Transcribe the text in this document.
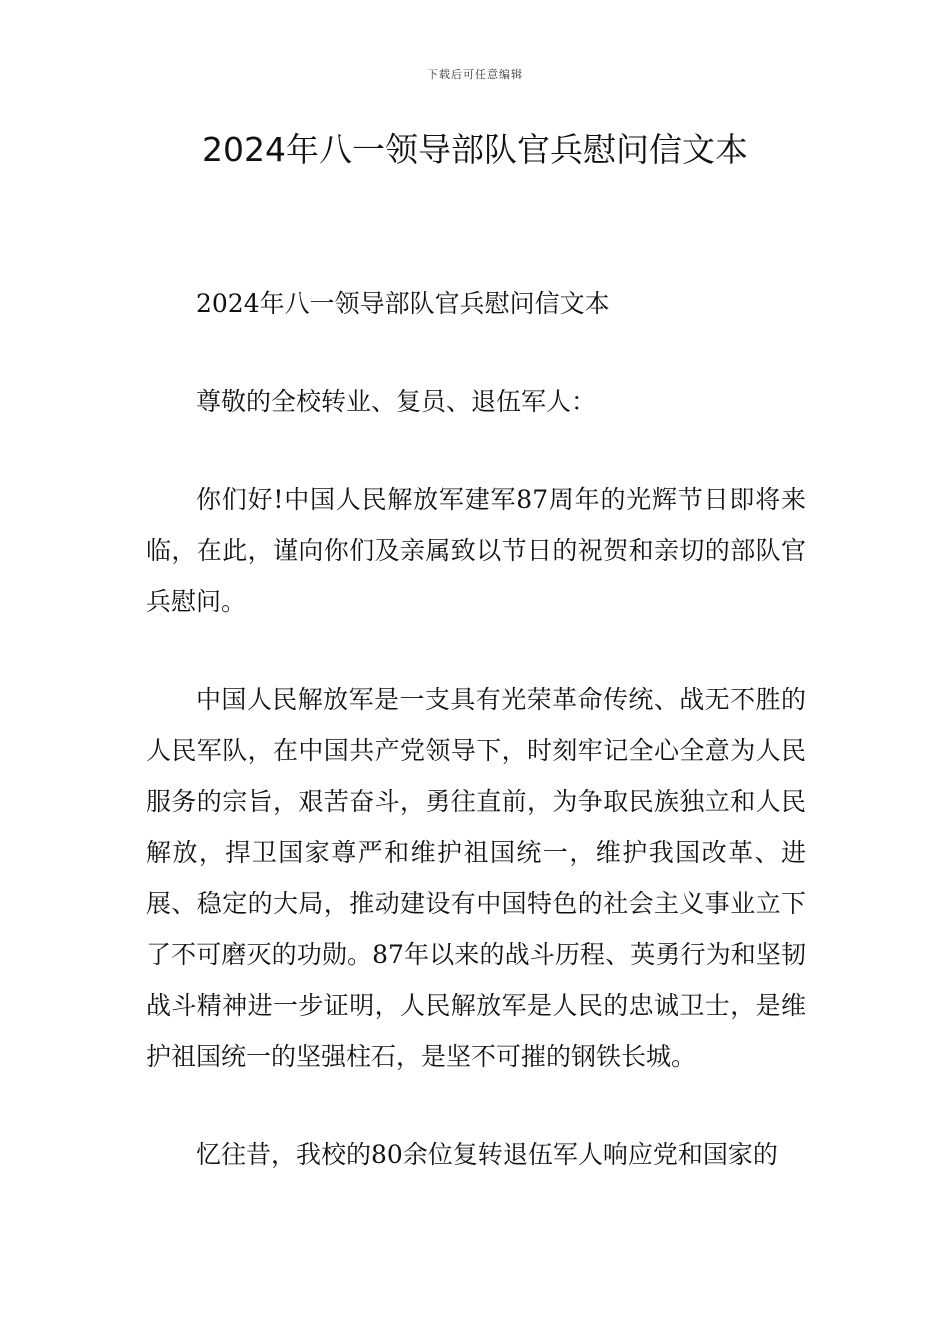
下载后可任意编辑
2024年八一领导部队官兵慰问信文本

2024年八一领导部队官兵慰问信文本

尊敬的全校转业、复员、退伍军人：

你们好!中国人民解放军建军87周年的光辉节日即将来临，在此，谨向你们及亲属致以节日的祝贺和亲切的部队官兵慰问。

中国人民解放军是一支具有光荣革命传统、战无不胜的人民军队，在中国共产党领导下，时刻牢记全心全意为人民服务的宗旨，艰苦奋斗，勇往直前，为争取民族独立和人民解放，捍卫国家尊严和维护祖国统一，维护我国改革、进展、稳定的大局，推动建设有中国特色的社会主义事业立下了不可磨灭的功勋。87年以来的战斗历程、英勇行为和坚韧战斗精神进一步证明，人民解放军是人民的忠诚卫士，是维护祖国统一的坚强柱石，是坚不可摧的钢铁长城。

忆往昔，我校的80余位复转退伍军人响应党和国家的
